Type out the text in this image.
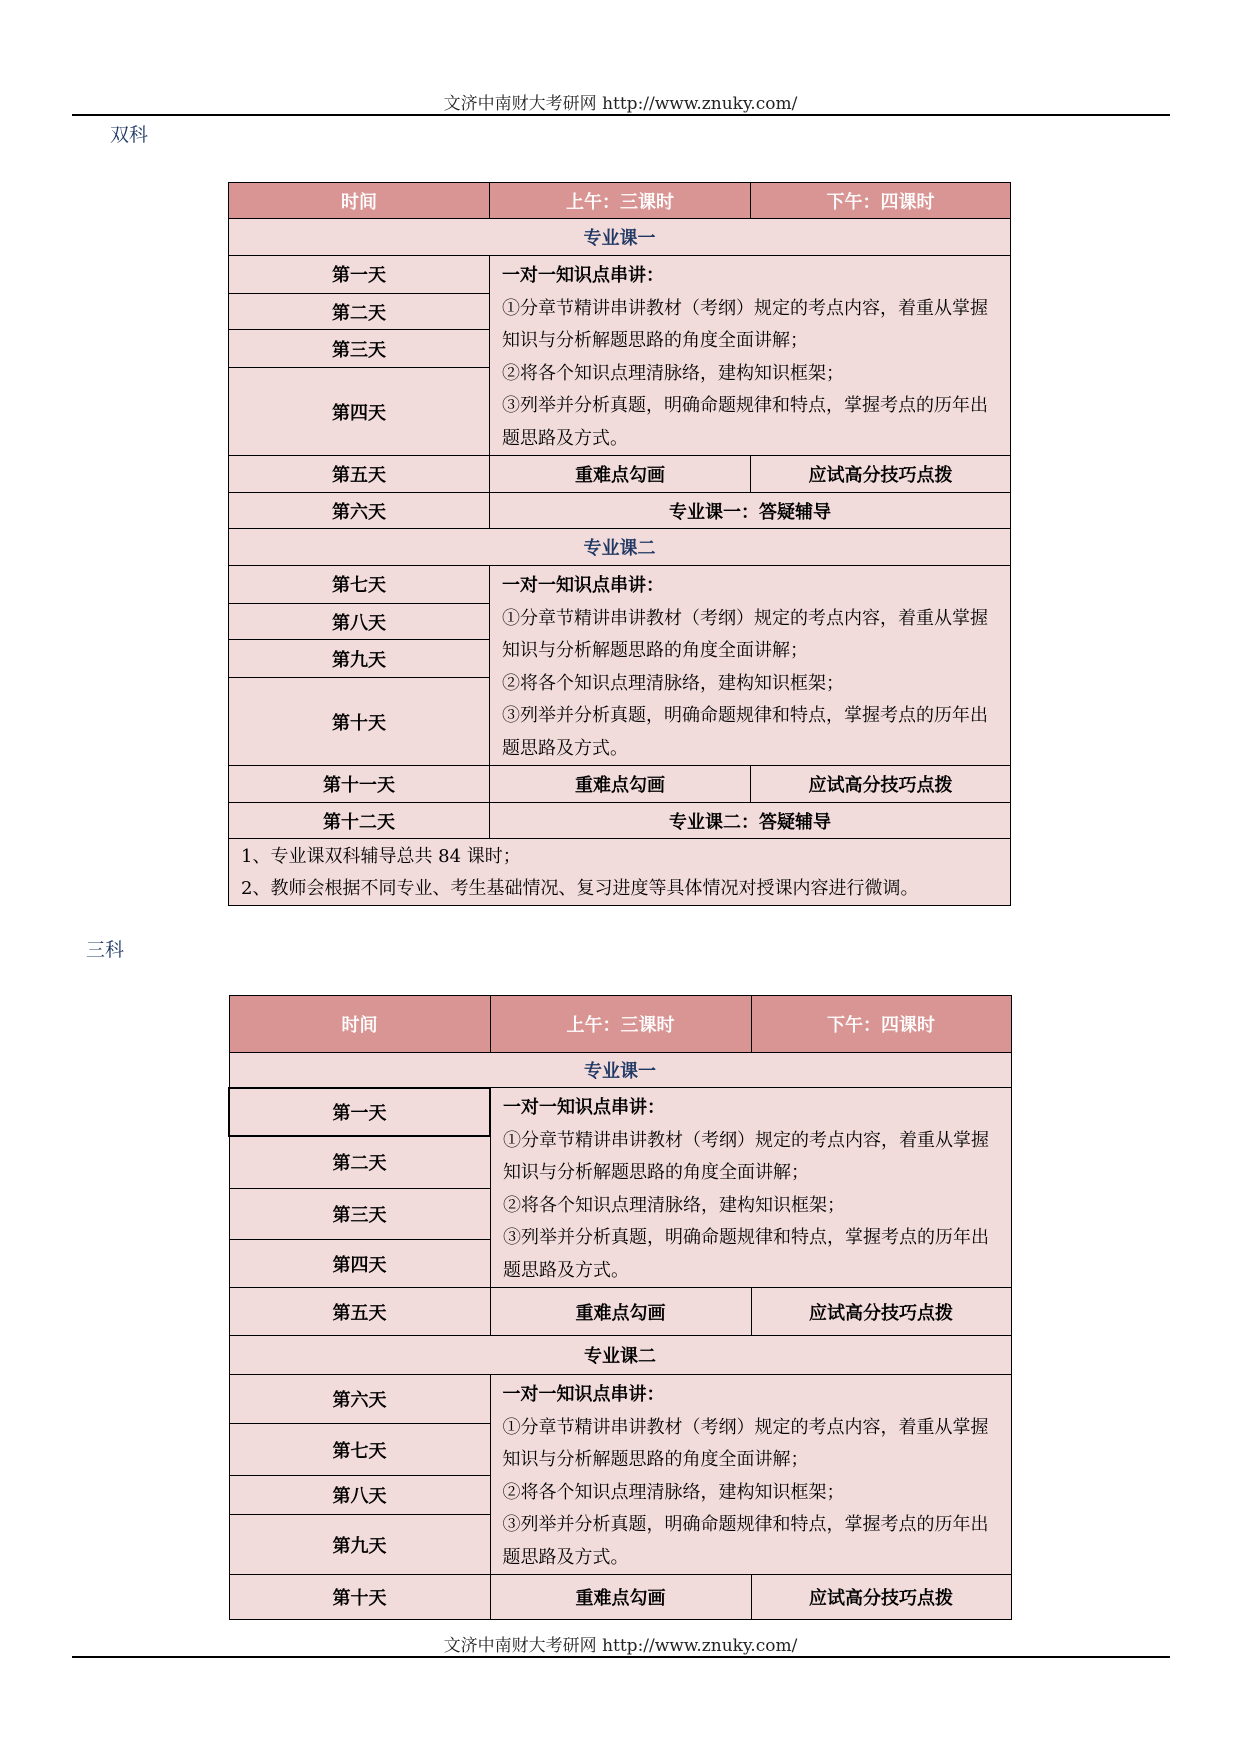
文济中南财大考研网 http://www.znuky.com/
双科
时间	上午：三课时	下午：四课时
专业课一		
第一天	一对一知识点串讲：
①分章节精讲串讲教材（考纲）规定的考点内容，着重从掌握知识与分析解题思路的角度全面讲解；
②将各个知识点理清脉络，建构知识框架；
③列举并分析真题，明确命题规律和特点，掌握考点的历年出题思路及方式。	

第二天		
第三天		
第四天		
第五天	重难点勾画	应试高分技巧点拨
第六天	专业课一：答疑辅导	
专业课二		
第七天	一对一知识点串讲：
①分章节精讲串讲教材（考纲）规定的考点内容，着重从掌握知识与分析解题思路的角度全面讲解；
②将各个知识点理清脉络，建构知识框架；
③列举并分析真题，明确命题规律和特点，掌握考点的历年出题思路及方式。	

第八天		
第九天		
第十天		
第十一天	重难点勾画	应试高分技巧点拨
第十二天	专业课二：答疑辅导	

1、专业课双科辅导总共 84 课时；
2、教师会根据不同专业、考生基础情况、复习进度等具体情况对授课内容进行微调。		
三科
时间	上午：三课时	下午：四课时
专业课一		
第一天	一对一知识点串讲：
①分章节精讲串讲教材（考纲）规定的考点内容，着重从掌握知识与分析解题思路的角度全面讲解；
②将各个知识点理清脉络，建构知识框架；
③列举并分析真题，明确命题规律和特点，掌握考点的历年出题思路及方式。	

第二天		
第三天		
第四天		
第五天	重难点勾画	应试高分技巧点拨
专业课二		
第六天	一对一知识点串讲：
①分章节精讲串讲教材（考纲）规定的考点内容，着重从掌握知识与分析解题思路的角度全面讲解；
②将各个知识点理清脉络，建构知识框架；
③列举并分析真题，明确命题规律和特点，掌握考点的历年出题思路及方式。	

第七天		
第八天		
第九天		
第十天	重难点勾画	应试高分技巧点拨
文济中南财大考研网 http://www.znuky.com/
